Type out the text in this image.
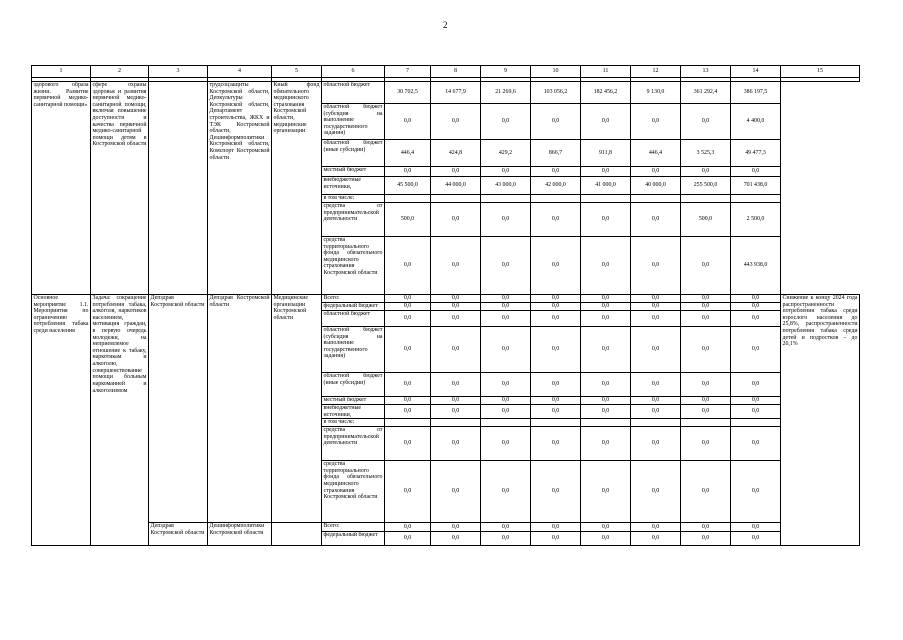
2
1	2	3	4	5	6	7	8	9	10	11	12	13	14	15

здорового образа жизни. Развитие первичной медико-санитарной помощи»	сфере охраны здоровья и развития первичной медико-санитарной помощи, включая повышение доступности и качества первичной медико-санитарной помощи детям в Костромской области		трудсоцзащиты Костромской области, Депкультуры Костромской области, Департамент строительства, ЖКХ и ТЭК Костромской области, Дешинформполитики Костромской области, Комспорт Костромской области	Кный фонд обязательного медицинского страхования Костромской области, медицинские организации	областной бюджет	30 702,5	14 677,9	21 269,6	103 056,2	182 456,2	9 130,0	361 292,4	386 197,5	
					областной бюджет (субсидия на выполнение государственного задания)	0,0	0,0	0,0	0,0	0,0	0,0	0,0	4 400,0	
					областной бюджет (иные субсидии)	446,4	424,8	429,2	866,7	911,8	446,4	3 525,3	49 477,3	
					местный бюджет	0,0	0,0	0,0	0,0	0,0	0,0	0,0	0,0	
					внебюджетные источники,	45 500,0	44 000,0	43 000,0	42 000,0	41 000,0	40 000,0	255 500,0	701 438,0	
					в том числе:									
					средства от предпринимательской деятельности	500,0	0,0	0,0	0,0	0,0	0,0	500,0	2 500,0	
					средства территориального фонда обязательного медицинского страхования Костромской области	0,0	0,0	0,0	0,0	0,0	0,0	0,0	443 938,0	
Основное мероприятие 1.1. Мероприятия по ограничению потребления табака среди населения	Задача: сокращение потребления табака, алкоголя, наркотиков населением, мотивация граждан, в первую очередь молодежи, на неприемлемое отношение к табаку, наркотикам и алкоголю, совершенствование помощи больным наркоманией и алкоголизмом	Депздрав Костромской области	Депздрав Костромской области	Медицинские организации Костромской области	Всего:	0,0	0,0	0,0	0,0	0,0	0,0	0,0	0,0	Снижение к концу 2024 года распространенности потребления табака среди взрослого населения до 25,8%, распространенности потребления табака среди детей и подростков – до 20,1%
					федеральный бюджет	0,0	0,0	0,0	0,0	0,0	0,0	0,0	0,0	
					областной бюджет	0,0	0,0	0,0	0,0	0,0	0,0	0,0	0,0	
					областной бюджет (субсидия на выполнение государственного задания)	0,0	0,0	0,0	0,0	0,0	0,0	0,0	0,0	
					областной бюджет (иные субсидии)	0,0	0,0	0,0	0,0	0,0	0,0	0,0	0,0	
					местный бюджет	0,0	0,0	0,0	0,0	0,0	0,0	0,0	0,0	
					внебюджетные источники,	0,0	0,0	0,0	0,0	0,0	0,0	0,0	0,0	
					в том числе:									
					средства от предпринимательской деятельности	0,0	0,0	0,0	0,0	0,0	0,0	0,0	0,0	
					средства территориального фонда обязательного медицинского страхования Костромской области	0,0	0,0	0,0	0,0	0,0	0,0	0,0	0,0	
		Депздрав Костромской области	Дешинформполитики Костромской области		Всего:	0,0	0,0	0,0	0,0	0,0	0,0	0,0	0,0	
					федеральный бюджет	0,0	0,0	0,0	0,0	0,0	0,0	0,0	0,0	
